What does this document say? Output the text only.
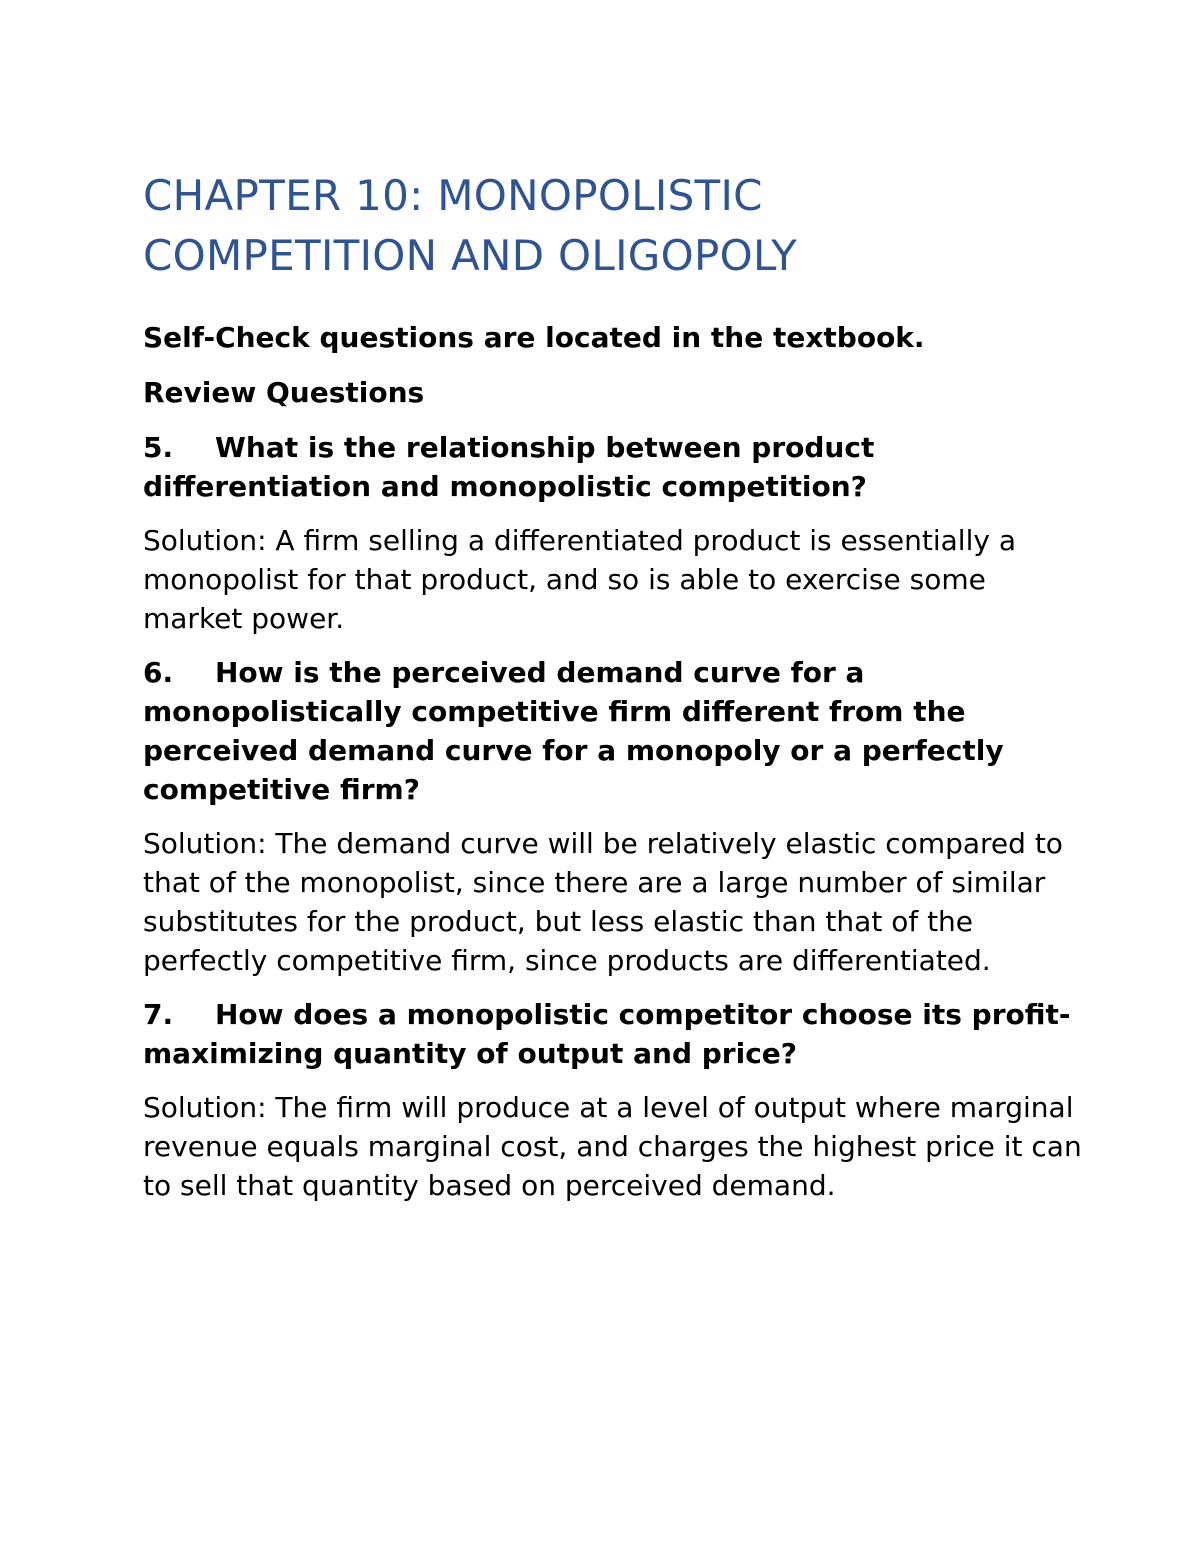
CHAPTER 10: MONOPOLISTIC
COMPETITION AND OLIGOPOLY

Self-Check questions are located in the textbook.

Review Questions

5. What is the relationship between product differentiation and monopolistic competition?

Solution: A firm selling a differentiated product is essentially a monopolist for that product, and so is able to exercise some market power.

6. How is the perceived demand curve for a monopolistically competitive firm different from the perceived demand curve for a monopoly or a perfectly competitive firm?

Solution: The demand curve will be relatively elastic compared to that of the monopolist, since there are a large number of similar substitutes for the product, but less elastic than that of the perfectly competitive firm, since products are differentiated.

7. How does a monopolistic competitor choose its profit-maximizing quantity of output and price?

Solution: The firm will produce at a level of output where marginal revenue equals marginal cost, and charges the highest price it can to sell that quantity based on perceived demand.
